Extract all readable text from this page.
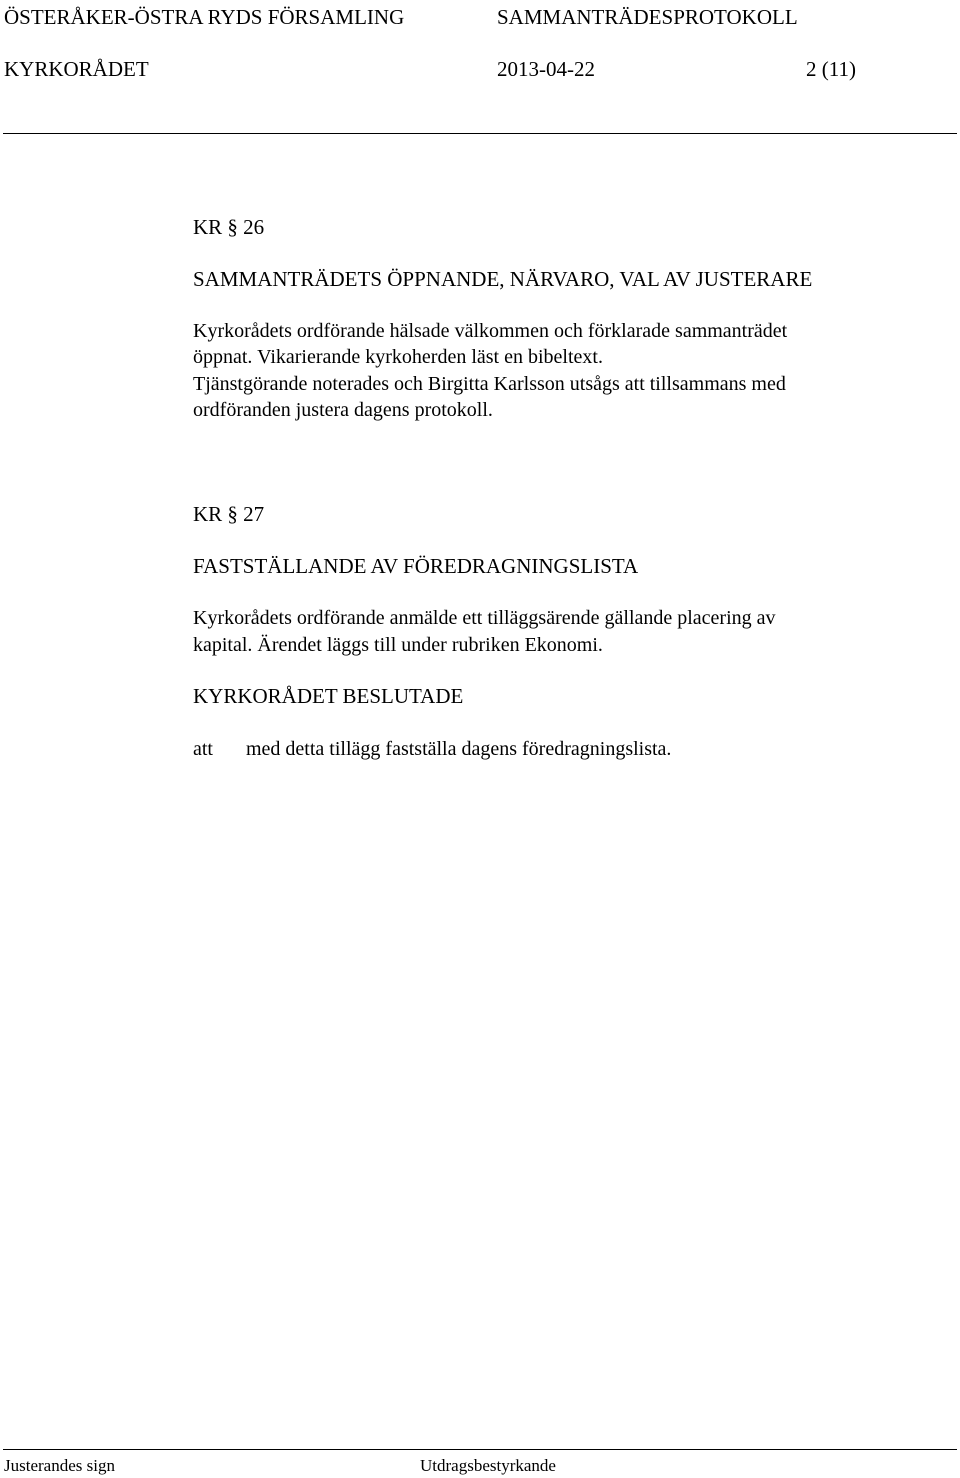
ÖSTERÅKER-ÖSTRA RYDS FÖRSAMLING	SAMMANTRÄDESPROTOKOLL
KYRKORÅDET	2013-04-22	2 (11)
KR § 26
SAMMANTRÄDETS ÖPPNANDE, NÄRVARO, VAL AV JUSTERARE
Kyrkorådets ordförande hälsade välkommen och förklarade sammanträdet
öppnat. Vikarierande kyrkoherden läst en bibeltext.
Tjänstgörande noterades och Birgitta Karlsson utsågs att tillsammans med
ordföranden justera dagens protokoll.
KR § 27
FASTSTÄLLANDE AV FÖREDRAGNINGSLISTA
Kyrkorådets ordförande anmälde ett tilläggsärende gällande placering av
kapital. Ärendet läggs till under rubriken Ekonomi.
KYRKORÅDET BESLUTADE
att med detta tillägg fastställa dagens föredragningslista.
Justerandes sign	Utdragsbestyrkande
